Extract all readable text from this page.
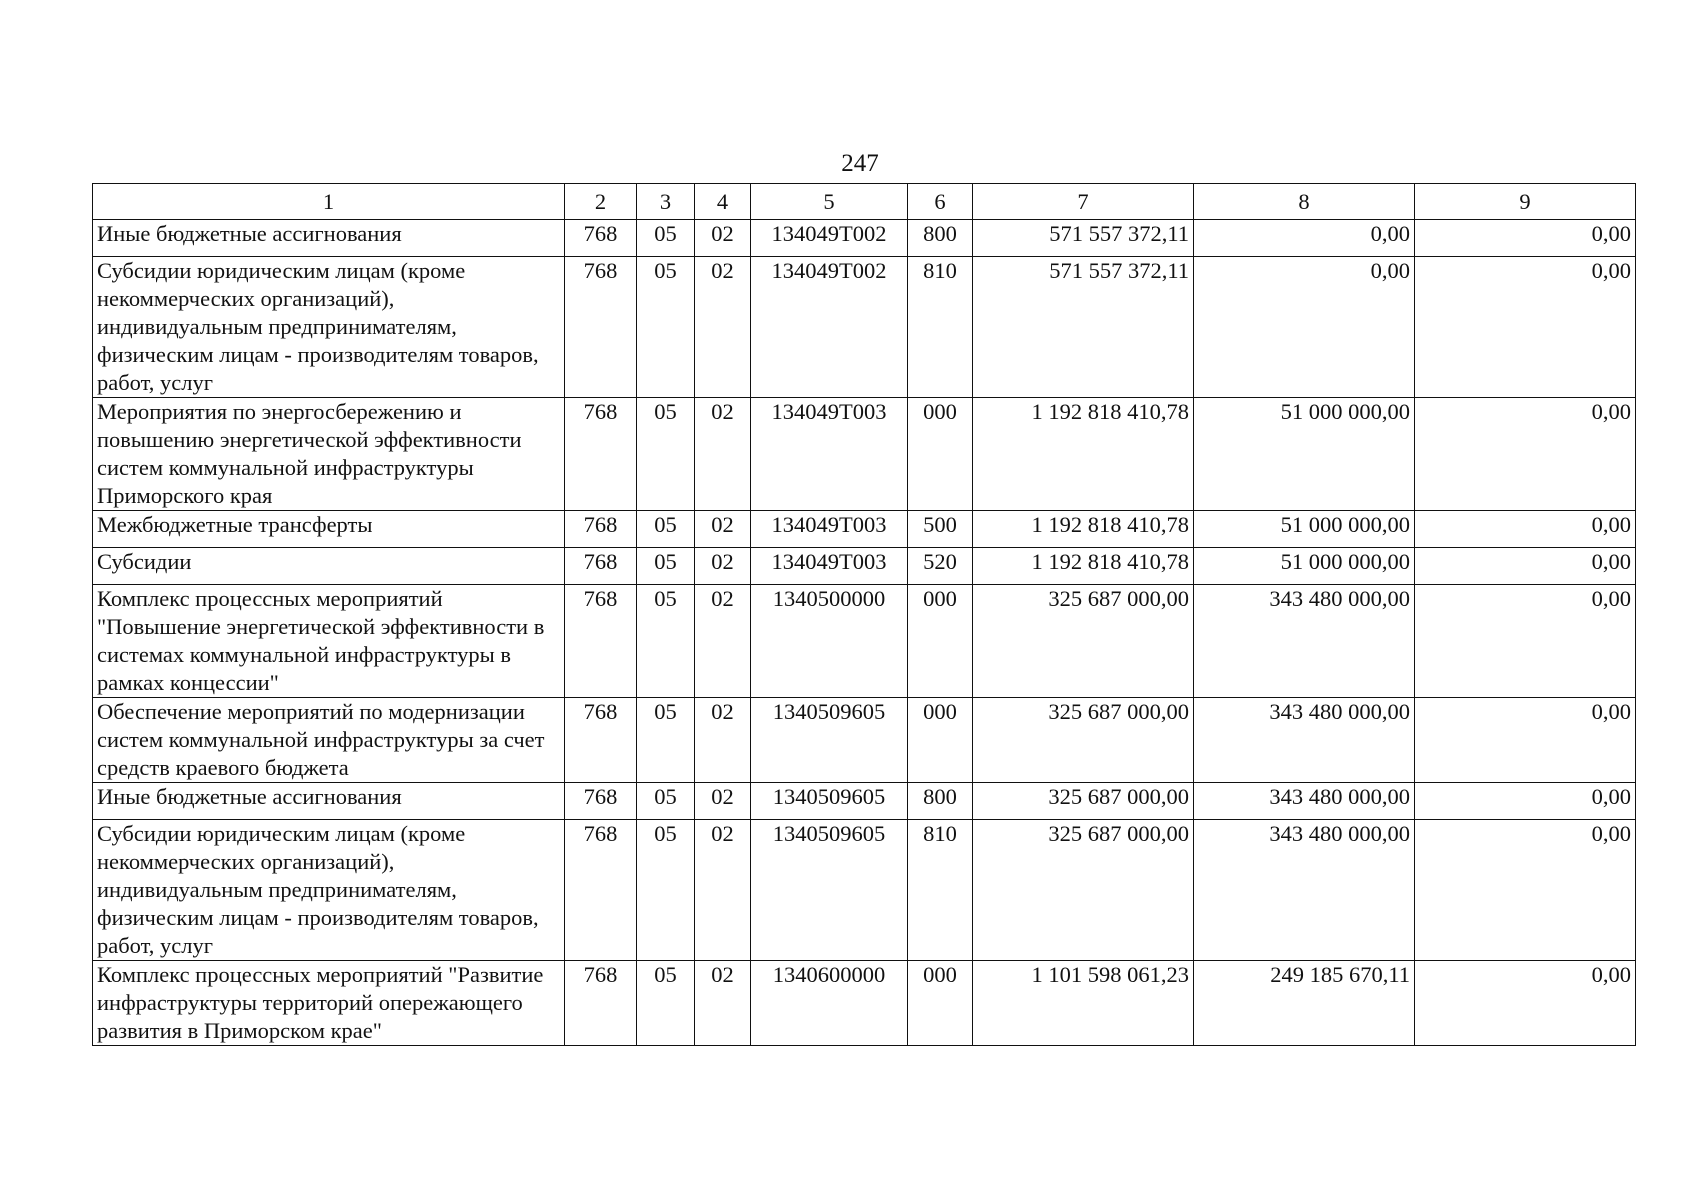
247
1	2	3	4	5	6	7	8	9
Иные бюджетные ассигнования	768	05	02	134049T002	800	571 557 372,11	0,00	0,00
Субсидии юридическим лицам (кроме некоммерческих организаций), индивидуальным предпринимателям, физическим лицам - производителям товаров, работ, услуг	768	05	02	134049T002	810	571 557 372,11	0,00	0,00
Мероприятия по энергосбережению и повышению энергетической эффективности систем коммунальной инфраструктуры Приморского края	768	05	02	134049T003	000	1 192 818 410,78	51 000 000,00	0,00
Межбюджетные трансферты	768	05	02	134049T003	500	1 192 818 410,78	51 000 000,00	0,00
Субсидии	768	05	02	134049T003	520	1 192 818 410,78	51 000 000,00	0,00
Комплекс процессных мероприятий "Повышение энергетической эффективности в системах коммунальной инфраструктуры в рамках концессии"	768	05	02	1340500000	000	325 687 000,00	343 480 000,00	0,00
Обеспечение мероприятий по модернизации систем коммунальной инфраструктуры за счет средств краевого бюджета	768	05	02	1340509605	000	325 687 000,00	343 480 000,00	0,00
Иные бюджетные ассигнования	768	05	02	1340509605	800	325 687 000,00	343 480 000,00	0,00
Субсидии юридическим лицам (кроме некоммерческих организаций), индивидуальным предпринимателям, физическим лицам - производителям товаров, работ, услуг	768	05	02	1340509605	810	325 687 000,00	343 480 000,00	0,00
Комплекс процессных мероприятий "Развитие инфраструктуры территорий опережающего развития в Приморском крае"	768	05	02	1340600000	000	1 101 598 061,23	249 185 670,11	0,00
